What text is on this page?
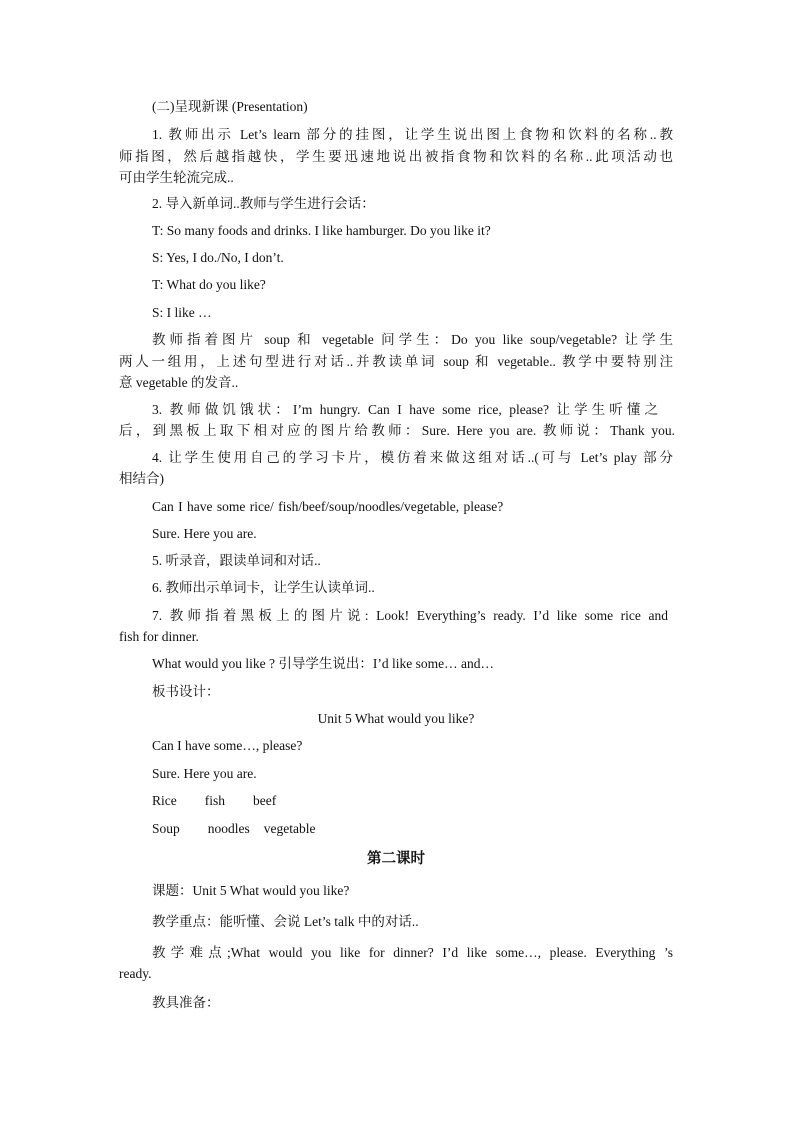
(二)呈现新课 (Presentation)
1. 教师出示 Let’s learn 部分的挂图，让学生说出图上食物和饮料的名称..教
师指图，然后越指越快，学生要迅速地说出被指食物和饮料的名称..此项活动也
可由学生轮流完成..
2. 导入新单词..教师与学生进行会话：
T: So many foods and drinks. I like hamburger. Do you like it?
S: Yes, I do./No, I don’t.
T: What do you like?
S: I like …
教师指着图片 soup 和 vegetable 问学生：Do you like soup/vegetable? 让学生
两人一组用，上述句型进行对话..并教读单词 soup 和 vegetable.. 教学中要特别注
意 vegetable 的发音..
3. 教师做饥饿状：I’m hungry. Can I have some rice, please? 让学生听懂之
后，到黑板上取下相对应的图片给教师：Sure. Here you are. 教师说：Thank you.
4. 让学生使用自己的学习卡片，模仿着来做这组对话..(可与 Let’s play 部分
相结合)
Can I have some rice/ fish/beef/soup/noodles/vegetable, please?
Sure. Here you are.
5. 听录音，跟读单词和对话..
6. 教师出示单词卡，让学生认读单词..
7. 教师指着黑板上的图片说: Look! Everything’s ready. I’d like some rice and
fish for dinner.
What would you like ? 引导学生说出：I’d like some… and…
板书设计：
Unit 5 What would you like?
Can I have some…, please?
Sure. Here you are.
Rice fish beef
Soup noodles vegetable
第二课时
课题：Unit 5 What would you like?
教学重点：能听懂、会说 Let’s talk 中的对话..
教学难点;What would you like for dinner? I’d like some…, please. Everything ’s
ready.
教具准备：
